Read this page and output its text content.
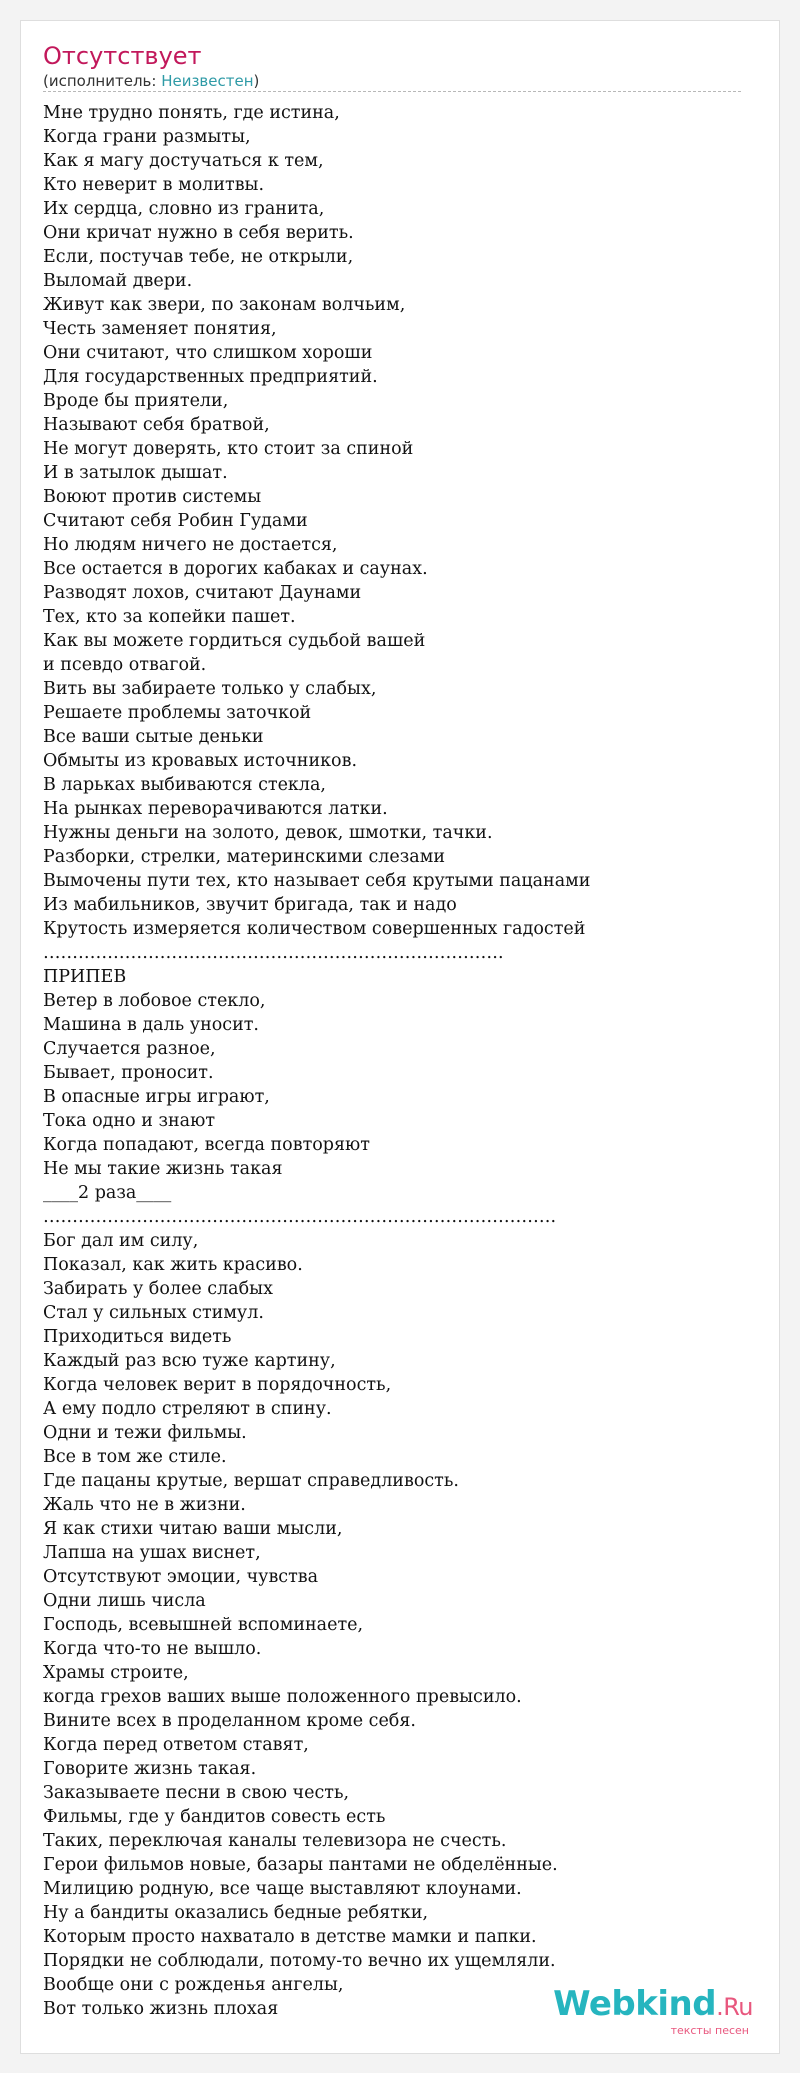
Отсутствует
(исполнитель: Неизвестен)
Мне трудно понять, где истина,
Когда грани размыты,
Как я магу достучаться к тем,
Кто неверит в молитвы.
Их сердца, словно из гранита,
Они кричат нужно в себя верить.
Если, постучав тебе, не открыли,
Выломай двери.
Живут как звери, по законам волчьим,
Честь заменяет понятия,
Они считают, что слишком хороши
Для государственных предприятий.
Вроде бы приятели,
Называют себя братвой,
Не могут доверять, кто стоит за спиной
И в затылок дышат.
Воюют против системы
Считают себя Робин Гудами
Но людям ничего не достается,
Все остается в дорогих кабаках и саунах.
Разводят лохов, считают Даунами
Тех, кто за копейки пашет.
Как вы можете гордиться судьбой вашей
и псевдо отвагой.
Вить вы забираете только у слабых,
Решаете проблемы заточкой
Все ваши сытые деньки
Обмыты из кровавых источников.
В ларьках выбиваются стекла,
На рынках переворачиваются латки.
Нужны деньги на золото, девок, шмотки, тачки.
Разборки, стрелки, материнскими слезами
Вымочены пути тех, кто называет себя крутыми пацанами
Из мабильников, звучит бригада, так и надо
Крутость измеряется количеством совершенных гадостей
…………………………………………………………………….
ПРИПЕВ
Ветер в лобовое стекло,
Машина в даль уносит.
Случается разное,
Бывает, проносит.
В опасные игры играют,
Тока одно и знают
Когда попадают, всегда повторяют
Не мы такие жизнь такая
____2 раза____
…………………………………………………………………………….
Бог дал им силу,
Показал, как жить красиво.
Забирать у более слабых
Стал у сильных стимул.
Приходиться видеть
Каждый раз всю туже картину,
Когда человек верит в порядочность,
А ему подло стреляют в спину.
Одни и тежи фильмы.
Все в том же стиле.
Где пацаны крутые, вершат справедливость.
Жаль что не в жизни.
Я как стихи читаю ваши мысли,
Лапша на ушах виснет,
Отсутствуют эмоции, чувства
Одни лишь числа
Господь, всевышней вспоминаете,
Когда что-то не вышло.
Храмы строите,
когда грехов ваших выше положенного превысило.
Вините всех в проделанном кроме себя.
Когда перед ответом ставят,
Говорите жизнь такая.
Заказываете песни в свою честь,
Фильмы, где у бандитов совесть есть
Таких, переключая каналы телевизора не счесть.
Герои фильмов новые, базары пантами не обделённые.
Милицию родную, все чаще выставляют клоунами.
Ну а бандиты оказались бедные ребятки,
Которым просто нахватало в детстве мамки и папки.
Порядки не соблюдали, потому-то вечно их ущемляли.
Вообще они с рожденья ангелы,
Вот только жизнь плохая	Webkind.Ru
тексты песен
